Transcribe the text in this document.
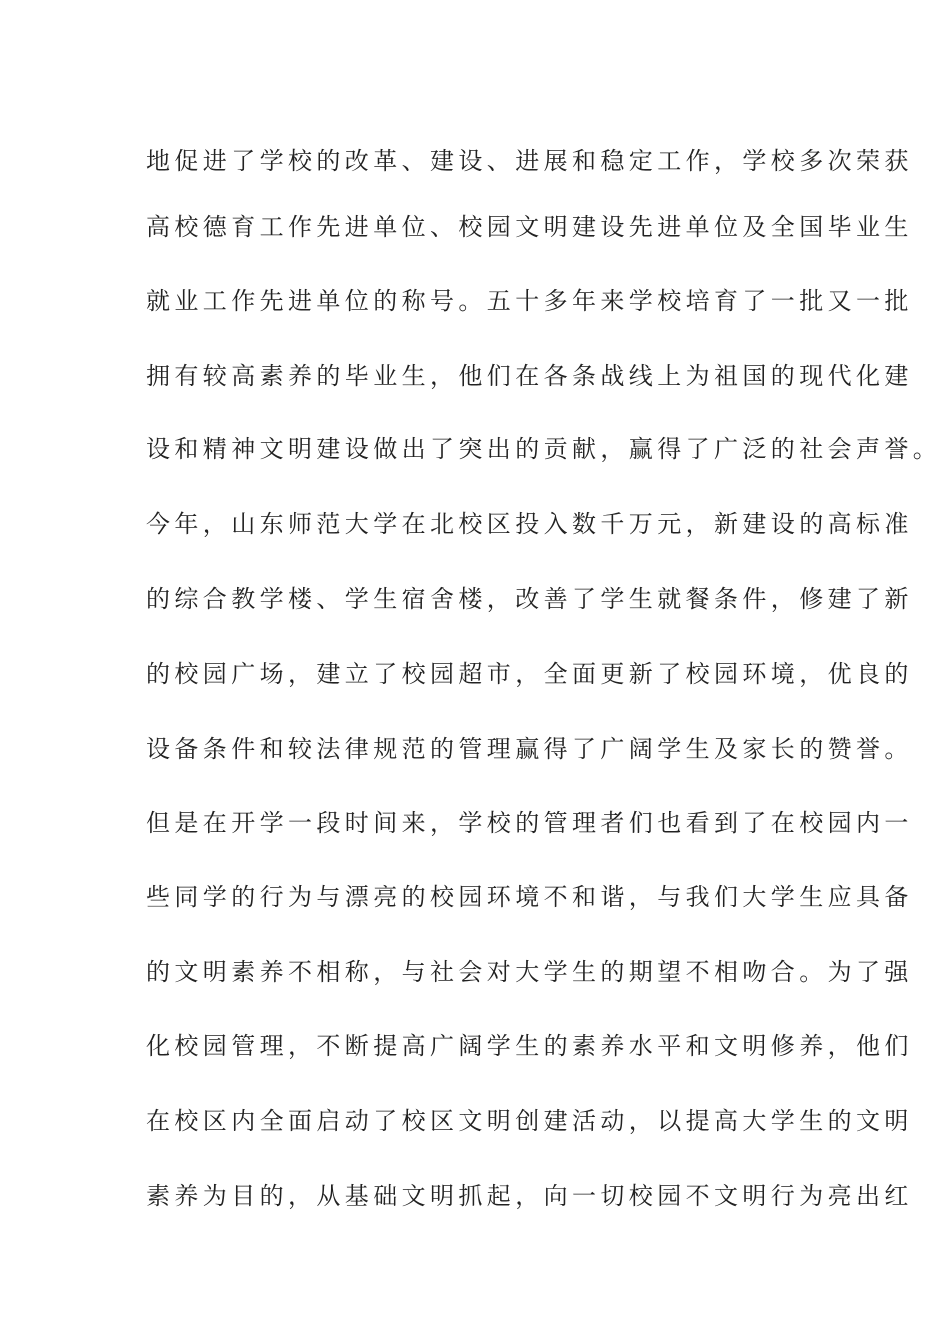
地促进了学校的改革、建设、进展和稳定工作，学校多次荣获
高校德育工作先进单位、校园文明建设先进单位及全国毕业生
就业工作先进单位的称号。五十多年来学校培育了一批又一批
拥有较高素养的毕业生，他们在各条战线上为祖国的现代化建
设和精神文明建设做出了突出的贡献，赢得了广泛的社会声誉。
今年，山东师范大学在北校区投入数千万元，新建设的高标准
的综合教学楼、学生宿舍楼，改善了学生就餐条件，修建了新
的校园广场，建立了校园超市，全面更新了校园环境，优良的
设备条件和较法律规范的管理赢得了广阔学生及家长的赞誉。
但是在开学一段时间来，学校的管理者们也看到了在校园内一
些同学的行为与漂亮的校园环境不和谐，与我们大学生应具备
的文明素养不相称，与社会对大学生的期望不相吻合。为了强
化校园管理，不断提高广阔学生的素养水平和文明修养，他们
在校区内全面启动了校区文明创建活动，以提高大学生的文明
素养为目的，从基础文明抓起，向一切校园不文明行为亮出红
